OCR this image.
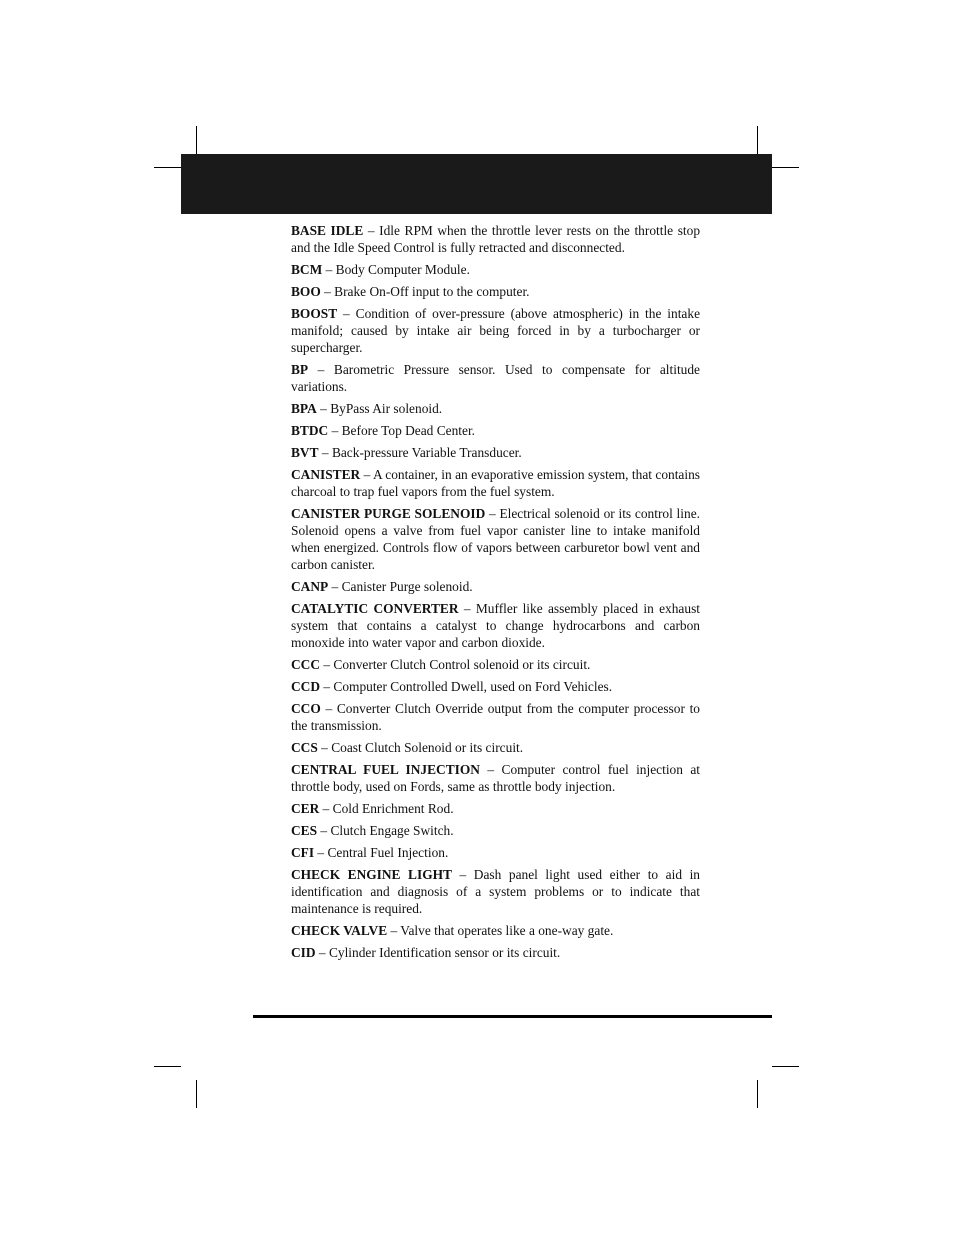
BASE IDLE – Idle RPM when the throttle lever rests on the throttle stop and the Idle Speed Control is fully retracted and disconnected.
BCM – Body Computer Module.
BOO – Brake On-Off input to the computer.
BOOST – Condition of over-pressure (above atmospheric) in the intake manifold; caused by intake air being forced in by a turbocharger or supercharger.
BP – Barometric Pressure sensor. Used to compensate for altitude variations.
BPA – ByPass Air solenoid.
BTDC – Before Top Dead Center.
BVT – Back-pressure Variable Transducer.
CANISTER – A container, in an evaporative emission system, that contains charcoal to trap fuel vapors from the fuel system.
CANISTER PURGE SOLENOID – Electrical solenoid or its control line. Solenoid opens a valve from fuel vapor canister line to intake manifold when energized. Controls flow of vapors between carburetor bowl vent and carbon canister.
CANP – Canister Purge solenoid.
CATALYTIC CONVERTER – Muffler like assembly placed in exhaust system that contains a catalyst to change hydrocarbons and carbon monoxide into water vapor and carbon dioxide.
CCC – Converter Clutch Control solenoid or its circuit.
CCD – Computer Controlled Dwell, used on Ford Vehicles.
CCO – Converter Clutch Override output from the computer processor to the transmission.
CCS – Coast Clutch Solenoid or its circuit.
CENTRAL FUEL INJECTION – Computer control fuel injection at throttle body, used on Fords, same as throttle body injection.
CER – Cold Enrichment Rod.
CES – Clutch Engage Switch.
CFI – Central Fuel Injection.
CHECK ENGINE LIGHT – Dash panel light used either to aid in identification and diagnosis of a system problems or to indicate that maintenance is required.
CHECK VALVE – Valve that operates like a one-way gate.
CID – Cylinder Identification sensor or its circuit.
